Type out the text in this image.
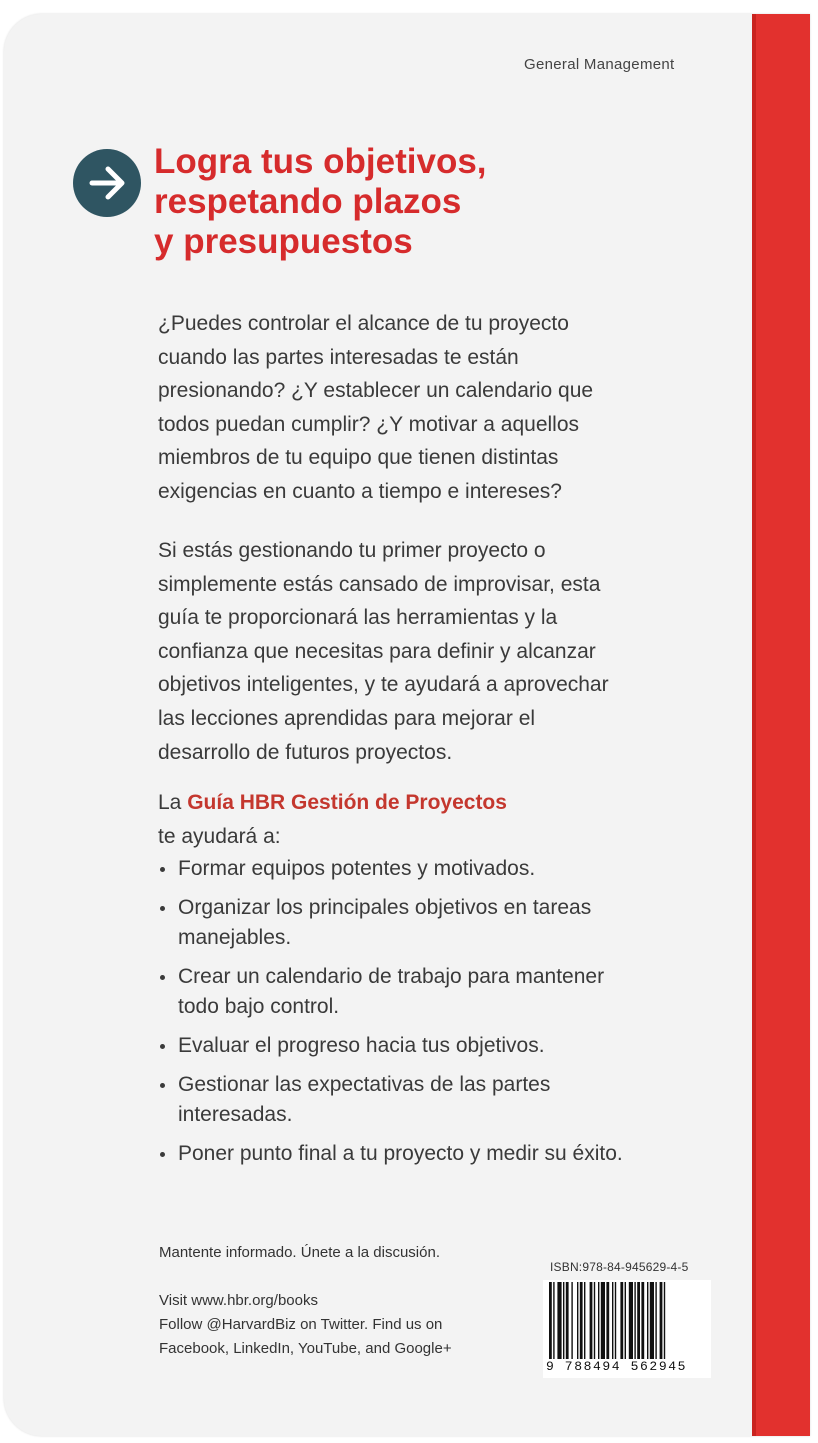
General Management
Logra tus objetivos,
respetando plazos
y presupuestos
¿Puedes controlar el alcance de tu proyecto
cuando las partes interesadas te están
presionando? ¿Y establecer un calendario que
todos puedan cumplir? ¿Y motivar a aquellos
miembros de tu equipo que tienen distintas
exigencias en cuanto a tiempo e intereses?
Si estás gestionando tu primer proyecto o
simplemente estás cansado de improvisar, esta
guía te proporcionará las herramientas y la
confianza que necesitas para definir y alcanzar
objetivos inteligentes, y te ayudará a aprovechar
las lecciones aprendidas para mejorar el
desarrollo de futuros proyectos.
La Guía HBR Gestión de Proyectos
te ayudará a:
Formar equipos potentes y motivados.
Organizar los principales objetivos en tareas
manejables.
Crear un calendario de trabajo para mantener
todo bajo control.
Evaluar el progreso hacia tus objetivos.
Gestionar las expectativas de las partes
interesadas.
Poner punto final a tu proyecto y medir su éxito.
Mantente informado. Únete a la discusión.
Visit www.hbr.org/books
Follow @HarvardBiz on Twitter. Find us on
Facebook, LinkedIn, YouTube, and Google+
ISBN:978-84-945629-4-5
9 788494 562945
